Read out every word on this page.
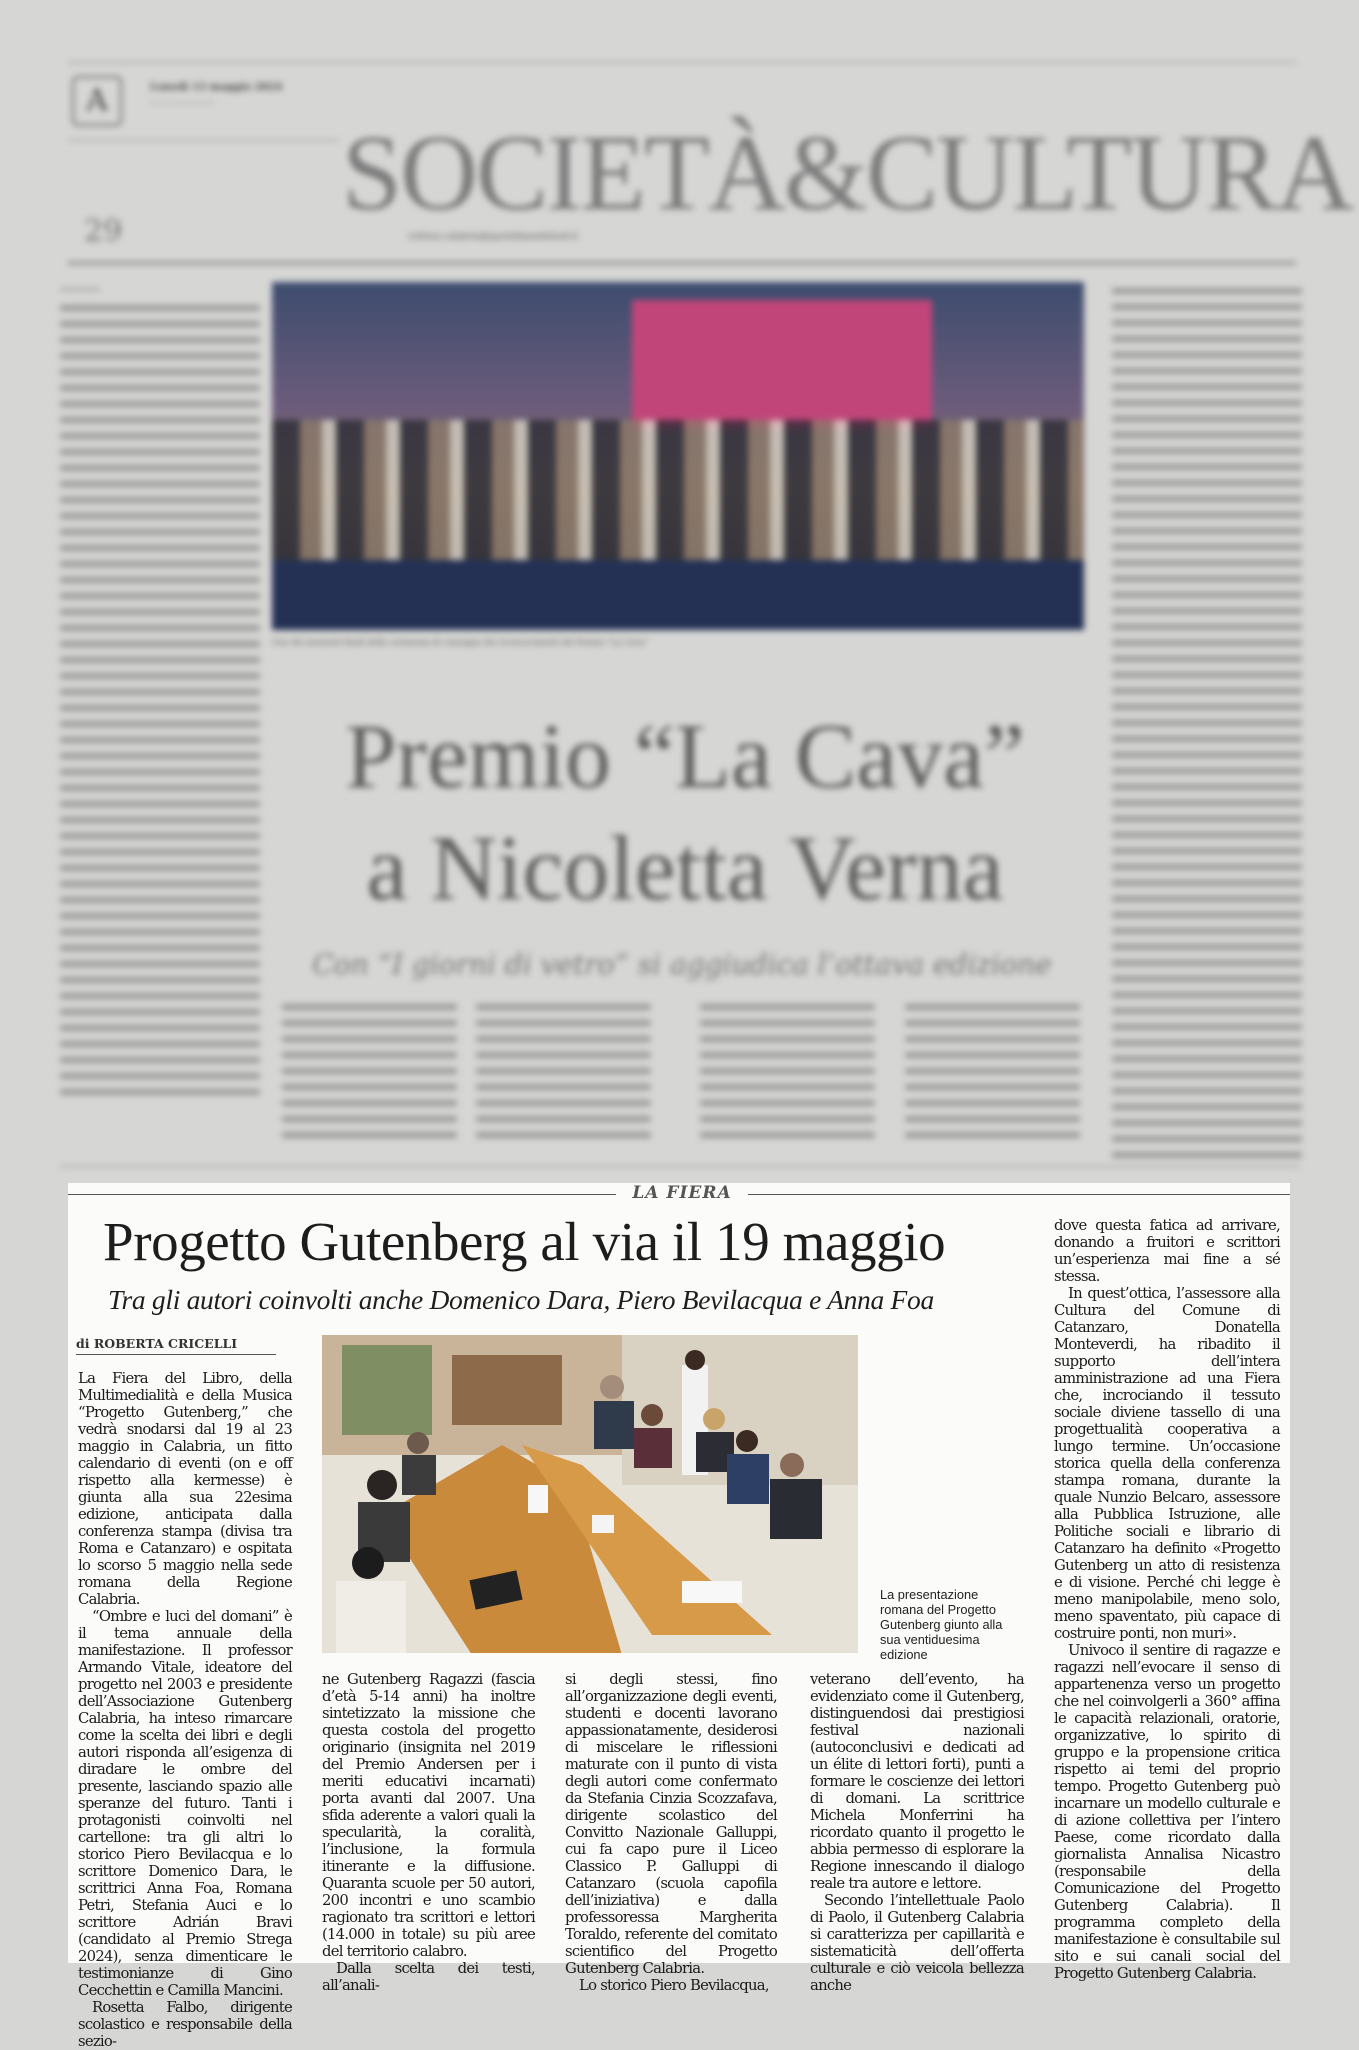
A	Lunedì 13 maggio 2024
————————
29 SOCIETÀ&CULTURA
cultura.calabria@quotidianodelsud.it
—————
Uno dei momenti finali della cerimonia di consegna dei riconoscimenti del Premio "La Cava"
Premio “La Cava”
a Nicoletta Verna
Con “I giorni di vetro” si aggiudica l’ottava edizione
LA FIERA
Progetto Gutenberg al via il 19 maggio
Tra gli autori coinvolti anche Domenico Dara, Piero Bevilacqua e Anna Foa
di ROBERTA CRICELLI

La Fiera del Libro, della Multimedialità e della Musica “Progetto Gutenberg,” che vedrà snodarsi dal 19 al 23 maggio in Calabria, un fitto calendario di eventi (on e off rispetto alla kermesse) è giunta alla sua 22esima edizione, anticipata dalla conferenza stampa (divisa tra Roma e Catanzaro) e ospitata lo scorso 5 maggio nella sede romana della Regione Calabria.

“Ombre e luci del domani” è il tema annuale della manifestazione. Il professor Armando Vitale, ideatore del progetto nel 2003 e presidente dell’Associazione Gutenberg Calabria, ha inteso rimarcare come la scelta dei libri e degli autori risponda all’esigenza di diradare le ombre del presente, lasciando spazio alle speranze del futuro. Tanti i protagonisti coinvolti nel cartellone: tra gli altri lo storico Piero Bevilacqua e lo scrittore Domenico Dara, le scrittrici Anna Foa, Romana Petri, Stefania Auci e lo scrittore Adrián Bravi (candidato al Premio Strega 2024), senza dimenticare le testimonianze di Gino Cecchettin e Camilla Mancini.

Rosetta Falbo, dirigente scolastico e responsabile della sezio-

La presentazione romana del Progetto Gutenberg giunto alla sua ventiduesima edizione

ne Gutenberg Ragazzi (fascia d’età 5-14 anni) ha inoltre sintetizzato la missione che questa costola del progetto originario (insignita nel 2019 del Premio Andersen per i meriti educativi incarnati) porta avanti dal 2007. Una sfida aderente a valori quali la specularità, la coralità, l’inclusione, la formula itinerante e la diffusione. Quaranta scuole per 50 autori, 200 incontri e uno scambio ragionato tra scrittori e lettori (14.000 in totale) su più aree del territorio calabro.

Dalla scelta dei testi, all’anali-

si degli stessi, fino all’organizzazione degli eventi, studenti e docenti lavorano appassionatamente, desiderosi di miscelare le riflessioni maturate con il punto di vista degli autori come confermato da Stefania Cinzia Scozzafava, dirigente scolastico del Convitto Nazionale Galluppi, cui fa capo pure il Liceo Classico P. Galluppi di Catanzaro (scuola capofila dell’iniziativa) e dalla professoressa Margherita Toraldo, referente del comitato scientifico del Progetto Gutenberg Calabria.

Lo storico Piero Bevilacqua,

veterano dell’evento, ha evidenziato come il Gutenberg, distinguendosi dai prestigiosi festival nazionali (autoconclusivi e dedicati ad un élite di lettori forti), punti a formare le coscienze dei lettori di domani. La scrittrice Michela Monferrini ha ricordato quanto il progetto le abbia permesso di esplorare la Regione innescando il dialogo reale tra autore e lettore.

Secondo l’intellettuale Paolo di Paolo, il Gutenberg Calabria si caratterizza per capillarità e sistematicità dell’offerta culturale e ciò veicola bellezza anche

dove questa fatica ad arrivare, donando a fruitori e scrittori un’esperienza mai fine a sé stessa.

In quest’ottica, l’assessore alla Cultura del Comune di Catanzaro, Donatella Monteverdi, ha ribadito il supporto dell’intera amministrazione ad una Fiera che, incrociando il tessuto sociale diviene tassello di una progettualità cooperativa a lungo termine. Un’occasione storica quella della conferenza stampa romana, durante la quale Nunzio Belcaro, assessore alla Pubblica Istruzione, alle Politiche sociali e librario di Catanzaro ha definito «Progetto Gutenberg un atto di resistenza e di visione. Perché chi legge è meno manipolabile, meno solo, meno spaventato, più capace di costruire ponti, non muri».

Univoco il sentire di ragazze e ragazzi nell’evocare il senso di appartenenza verso un progetto che nel coinvolgerli a 360° affina le capacità relazionali, oratorie, organizzative, lo spirito di gruppo e la propensione critica rispetto ai temi del proprio tempo. Progetto Gutenberg può incarnare un modello culturale e di azione collettiva per l’intero Paese, come ricordato dalla giornalista Annalisa Nicastro (responsabile della Comunicazione del Progetto Gutenberg Calabria). Il programma completo della manifestazione è consultabile sul sito e sui canali social del Progetto Gutenberg Calabria.
